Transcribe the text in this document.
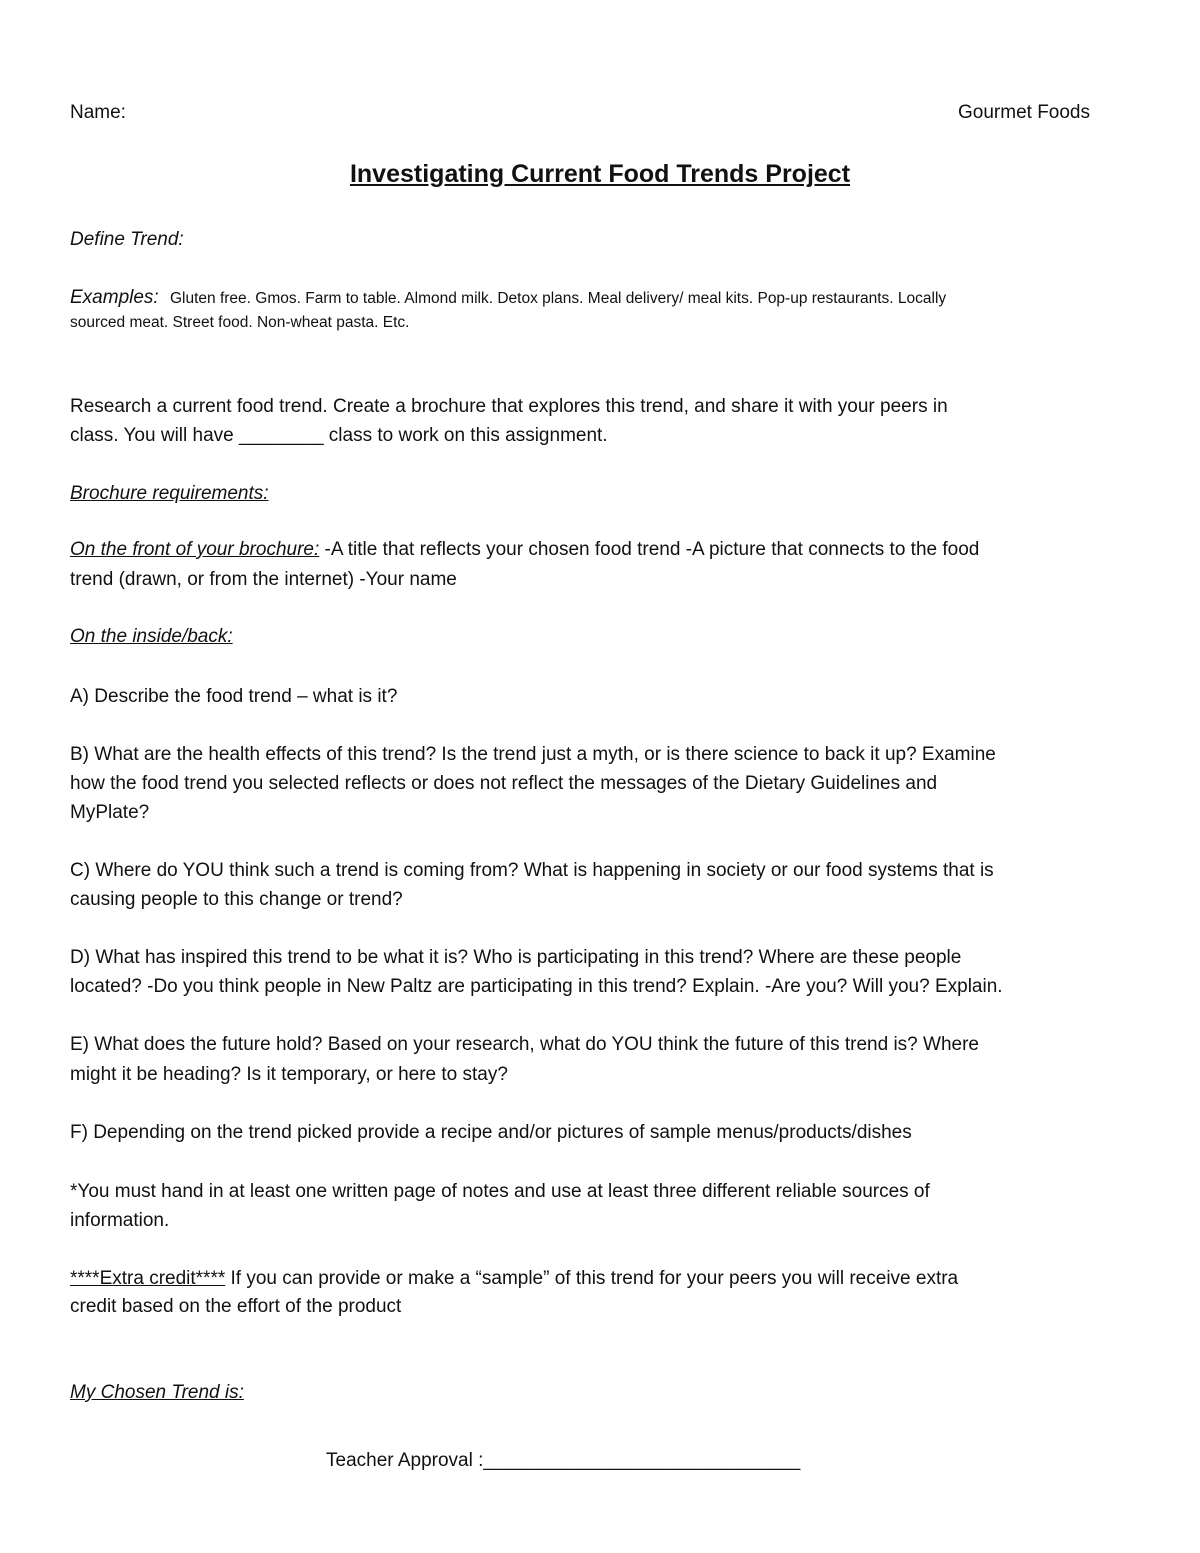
Name:	Gourmet Foods
Investigating Current Food Trends Project
Define Trend:
Examples: Gluten free. Gmos. Farm to table. Almond milk. Detox plans. Meal delivery/ meal kits. Pop-up restaurants. Locally
sourced meat. Street food. Non-wheat pasta. Etc.
Research a current food trend. Create a brochure that explores this trend, and share it with your peers in
class. You will have ________ class to work on this assignment.
Brochure requirements:
On the front of your brochure: -A title that reflects your chosen food trend -A picture that connects to the food
trend (drawn, or from the internet) -Your name
On the inside/back:
A) Describe the food trend – what is it?
B) What are the health effects of this trend? Is the trend just a myth, or is there science to back it up? Examine
how the food trend you selected reflects or does not reflect the messages of the Dietary Guidelines and
MyPlate?
C) Where do YOU think such a trend is coming from? What is happening in society or our food systems that is
causing people to this change or trend?
D) What has inspired this trend to be what it is? Who is participating in this trend? Where are these people
located? -Do you think people in New Paltz are participating in this trend? Explain. -Are you? Will you? Explain.
E) What does the future hold? Based on your research, what do YOU think the future of this trend is? Where
might it be heading? Is it temporary, or here to stay?
F) Depending on the trend picked provide a recipe and/or pictures of sample menus/products/dishes
*You must hand in at least one written page of notes and use at least three different reliable sources of
information.
****Extra credit**** If you can provide or make a “sample” of this trend for your peers you will receive extra
credit based on the effort of the product
My Chosen Trend is:
Teacher Approval :______________________________
